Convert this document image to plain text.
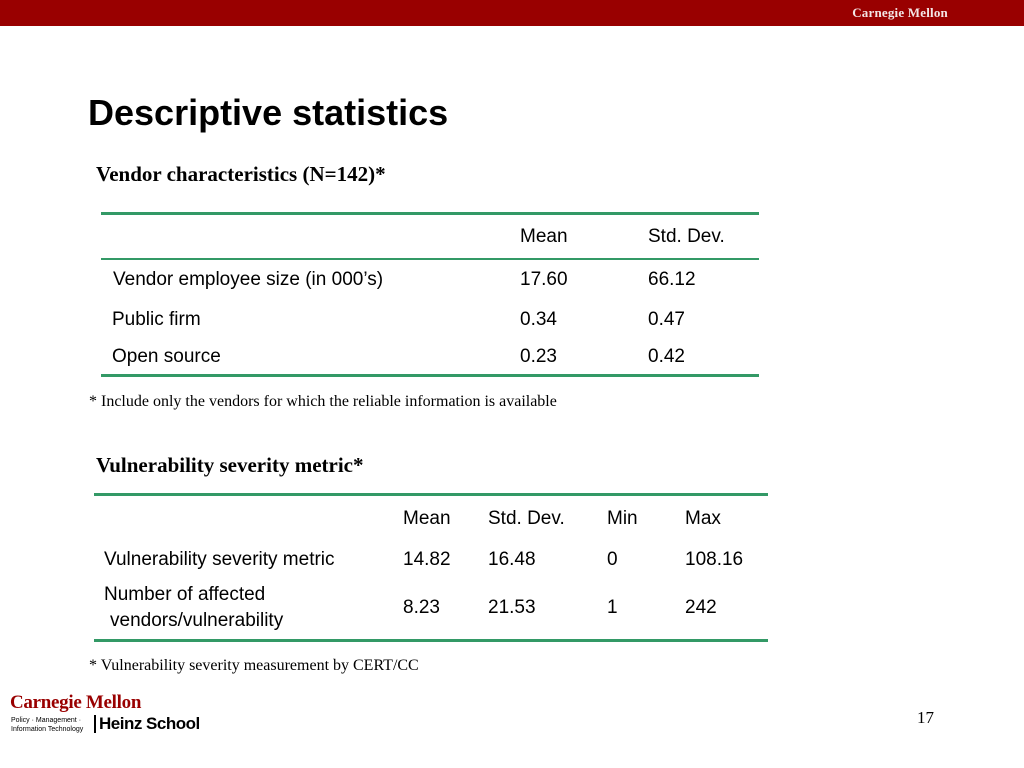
Carnegie Mellon
Descriptive statistics
Vendor characteristics (N=142)*
	Mean	Std. Dev.
Vendor employee size (in 000’s)	17.60	66.12
Public firm	0.34	0.47
Open source	0.23	0.42

* Include only the vendors for which the reliable information is available

Vulnerability severity metric*
	Mean	Std. Dev.	Min	Max
Vulnerability severity metric	14.82	16.48	0	108.16

Number of affected
vendors/vulnerability	8.23	21.53	1	242

* Vulnerability severity measurement by CERT/CC

Carnegie Mellon
Policy · Management ·
Information Technology Heinz School	17
